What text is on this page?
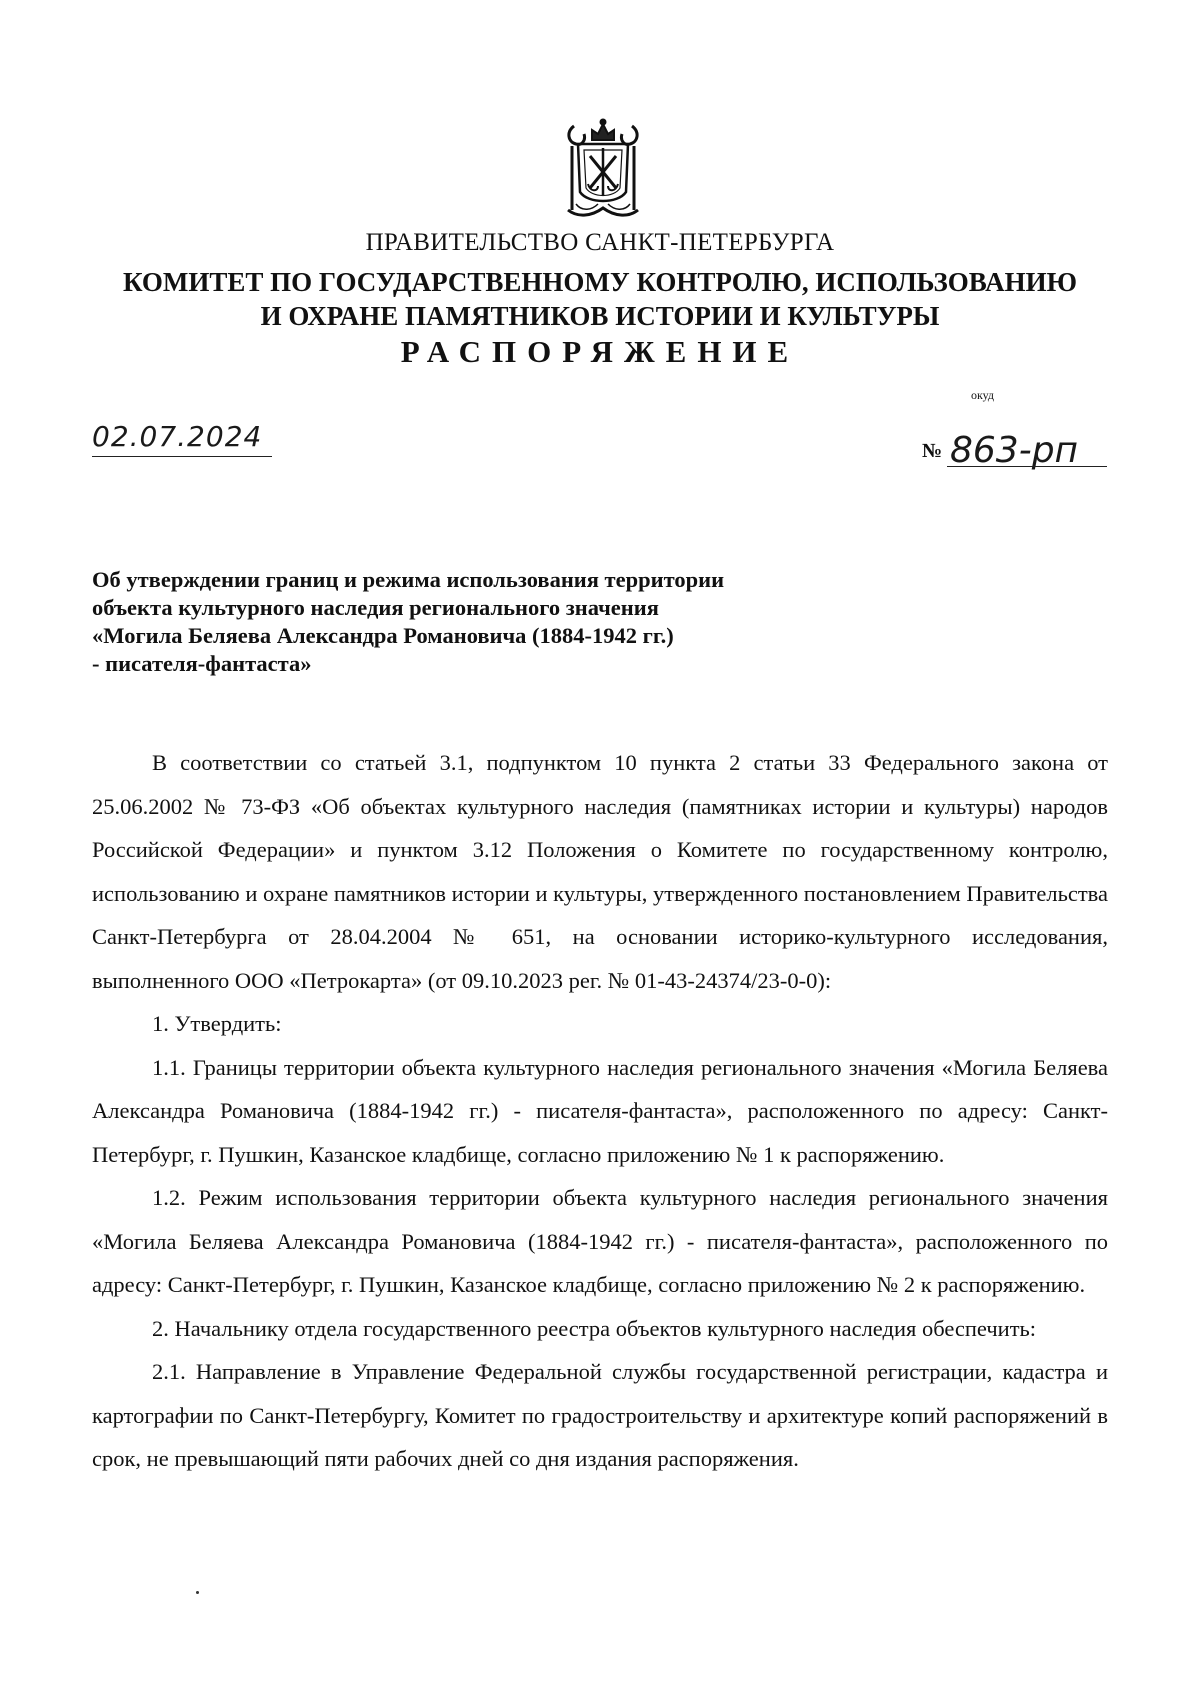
ПРАВИТЕЛЬСТВО САНКТ-ПЕТЕРБУРГА
КОМИТЕТ ПО ГОСУДАРСТВЕННОМУ КОНТРОЛЮ, ИСПОЛЬЗОВАНИЮ
И ОХРАНЕ ПАМЯТНИКОВ ИСТОРИИ И КУЛЬТУРЫ
РАСПОРЯЖЕНИЕ
окуд
02.07.2024	№ 863-рп
Об утверждении границ и режима использования территории
объекта культурного наследия регионального значения
«Могила Беляева Александра Романовича (1884-1942 гг.)
- писателя-фантаста»

В соответствии со статьей 3.1, подпунктом 10 пункта 2 статьи 33 Федерального закона от 25.06.2002 № 73-ФЗ «Об объектах культурного наследия (памятниках истории и культуры) народов Российской Федерации» и пунктом 3.12 Положения о Комитете по государственному контролю, использованию и охране памятников истории и культуры, утвержденного постановлением Правительства Санкт-Петербурга от 28.04.2004 № 651, на основании историко-культурного исследования, выполненного ООО «Петрокарта» (от 09.10.2023 рег. № 01-43-24374/23-0-0):

1. Утвердить:

1.1. Границы территории объекта культурного наследия регионального значения «Могила Беляева Александра Романовича (1884-1942 гг.) - писателя-фантаста», расположенного по адресу: Санкт-Петербург, г. Пушкин, Казанское кладбище, согласно приложению № 1 к распоряжению.

1.2. Режим использования территории объекта культурного наследия регионального значения «Могила Беляева Александра Романовича (1884-1942 гг.) - писателя-фантаста», расположенного по адресу: Санкт-Петербург, г. Пушкин, Казанское кладбище, согласно приложению № 2 к распоряжению.

2. Начальнику отдела государственного реестра объектов культурного наследия обеспечить:

2.1. Направление в Управление Федеральной службы государственной регистрации, кадастра и картографии по Санкт-Петербургу, Комитет по градостроительству и архитектуре копий распоряжений в срок, не превышающий пяти рабочих дней со дня издания распоряжения.
